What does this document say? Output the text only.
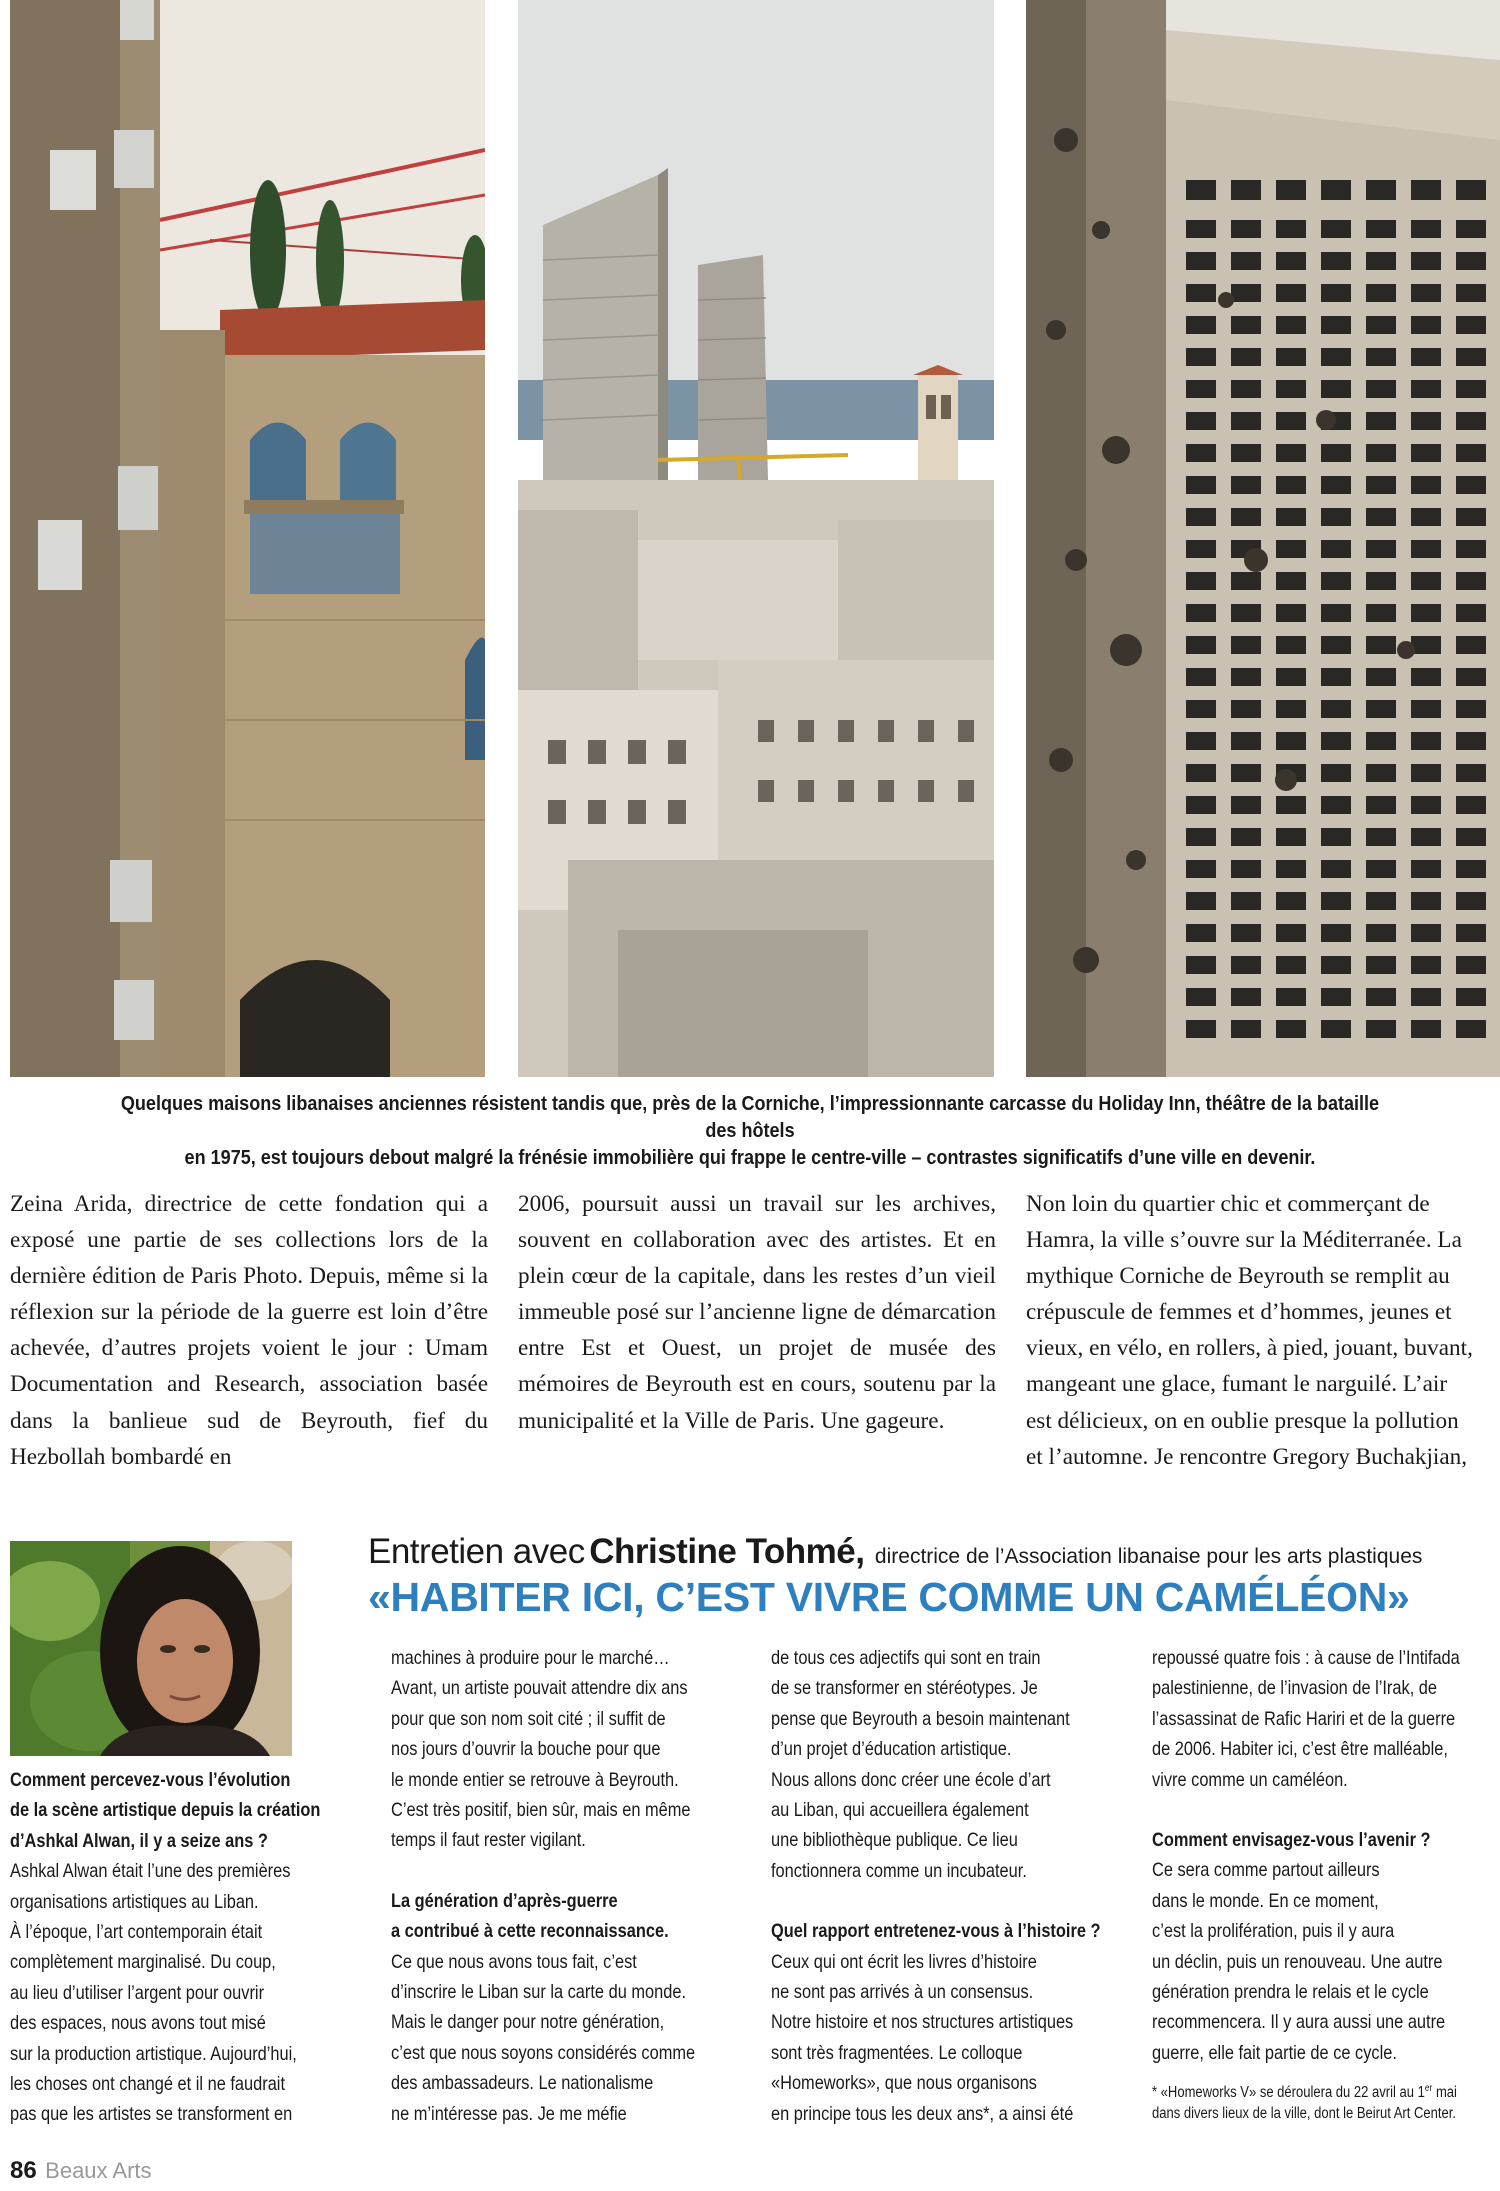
Quelques maisons libanaises anciennes résistent tandis que, près de la Corniche, l’impressionnante carcasse du Holiday Inn, théâtre de la bataille des hôtels
en 1975, est toujours debout malgré la frénésie immobilière qui frappe le centre-ville – contrastes significatifs d’une ville en devenir.
Zeina Arida, directrice de cette fondation qui a exposé une partie de ses collections lors de la dernière édition de Paris Photo. Depuis, même si la réflexion sur la période de la guerre est loin d’être achevée, d’autres projets voient le jour : Umam Documentation and Research, association basée dans la banlieue sud de Beyrouth, fief du Hezbollah bombardé en
2006, poursuit aussi un travail sur les archives, souvent en collaboration avec des artistes. Et en plein cœur de la capitale, dans les restes d’un vieil immeuble posé sur l’ancienne ligne de démarcation entre Est et Ouest, un projet de musée des mémoires de Beyrouth est en cours, soutenu par la municipalité et la Ville de Paris. Une gageure.
Non loin du quartier chic et commerçant de
Hamra, la ville s’ouvre sur la Méditerranée. La
mythique Corniche de Beyrouth se remplit au
crépuscule de femmes et d’hommes, jeunes et
vieux, en vélo, en rollers, à pied, jouant, buvant,
mangeant une glace, fumant le narguilé. L’air
est délicieux, on en oublie presque la pollution
et l’automne. Je rencontre Gregory Buchakjian,
Entretien avec Christine Tohmé, directrice de l’Association libanaise pour les arts plastiques
«HABITER ICI, C’EST VIVRE COMME UN CAMÉLÉON»
Comment percevez-vous l’évolution
de la scène artistique depuis la création
d’Ashkal Alwan, il y a seize ans ?
Ashkal Alwan était l’une des premières
organisations artistiques au Liban.
À l’époque, l’art contemporain était
complètement marginalisé. Du coup,
au lieu d’utiliser l’argent pour ouvrir
des espaces, nous avons tout misé
sur la production artistique. Aujourd’hui,
les choses ont changé et il ne faudrait
pas que les artistes se transforment en
machines à produire pour le marché…
Avant, un artiste pouvait attendre dix ans
pour que son nom soit cité ; il suffit de
nos jours d’ouvrir la bouche pour que
le monde entier se retrouve à Beyrouth.
C’est très positif, bien sûr, mais en même
temps il faut rester vigilant.
La génération d’après-guerre
a contribué à cette reconnaissance.
Ce que nous avons tous fait, c’est
d’inscrire le Liban sur la carte du monde.
Mais le danger pour notre génération,
c’est que nous soyons considérés comme
des ambassadeurs. Le nationalisme
ne m’intéresse pas. Je me méfie
de tous ces adjectifs qui sont en train
de se transformer en stéréotypes. Je
pense que Beyrouth a besoin maintenant
d’un projet d’éducation artistique.
Nous allons donc créer une école d’art
au Liban, qui accueillera également
une bibliothèque publique. Ce lieu
fonctionnera comme un incubateur.
Quel rapport entretenez-vous à l’histoire ?
Ceux qui ont écrit les livres d’histoire
ne sont pas arrivés à un consensus.
Notre histoire et nos structures artistiques
sont très fragmentées. Le colloque
«Homeworks», que nous organisons
en principe tous les deux ans*, a ainsi été
repoussé quatre fois : à cause de l’Intifada
palestinienne, de l’invasion de l’Irak, de
l’assassinat de Rafic Hariri et de la guerre
de 2006. Habiter ici, c’est être malléable,
vivre comme un caméléon.
Comment envisagez-vous l’avenir ?
Ce sera comme partout ailleurs
dans le monde. En ce moment,
c’est la prolifération, puis il y aura
un déclin, puis un renouveau. Une autre
génération prendra le relais et le cycle
recommencera. Il y aura aussi une autre
guerre, elle fait partie de ce cycle.
* «Homeworks V» se déroulera du 22 avril au 1er mai
dans divers lieux de la ville, dont le Beirut Art Center.
86 Beaux Arts
